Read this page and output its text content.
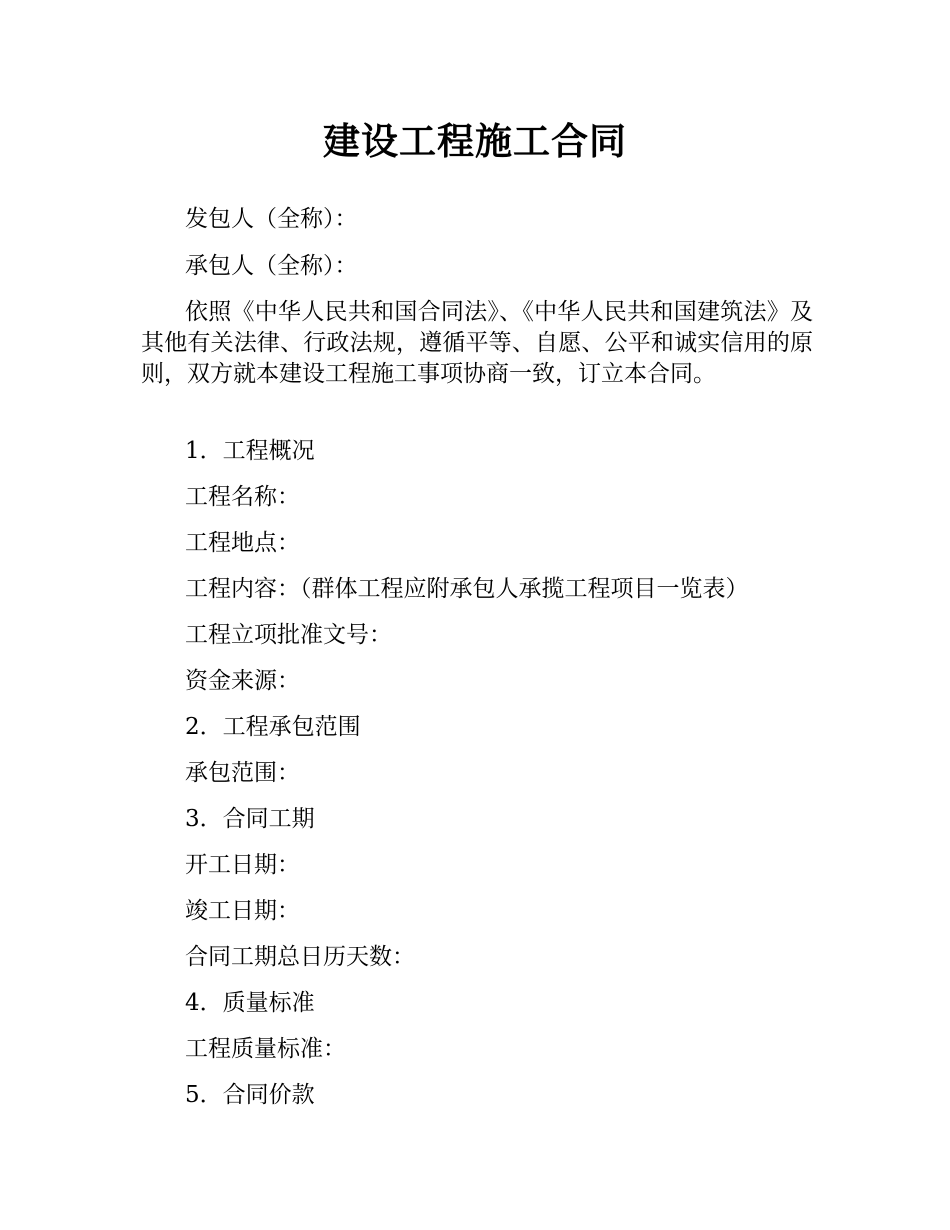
建设工程施工合同

发包人（全称）：

承包人（全称）：

依照《中华人民共和国合同法》、《中华人民共和国建筑法》及其他有关法律、行政法规，遵循平等、自愿、公平和诚实信用的原则，双方就本建设工程施工事项协商一致，订立本合同。

1．工程概况

工程名称：

工程地点：

工程内容：（群体工程应附承包人承揽工程项目一览表）

工程立项批准文号：

资金来源：

2．工程承包范围

承包范围：

3．合同工期

开工日期：

竣工日期：

合同工期总日历天数：

4．质量标准

工程质量标准：

5．合同价款
